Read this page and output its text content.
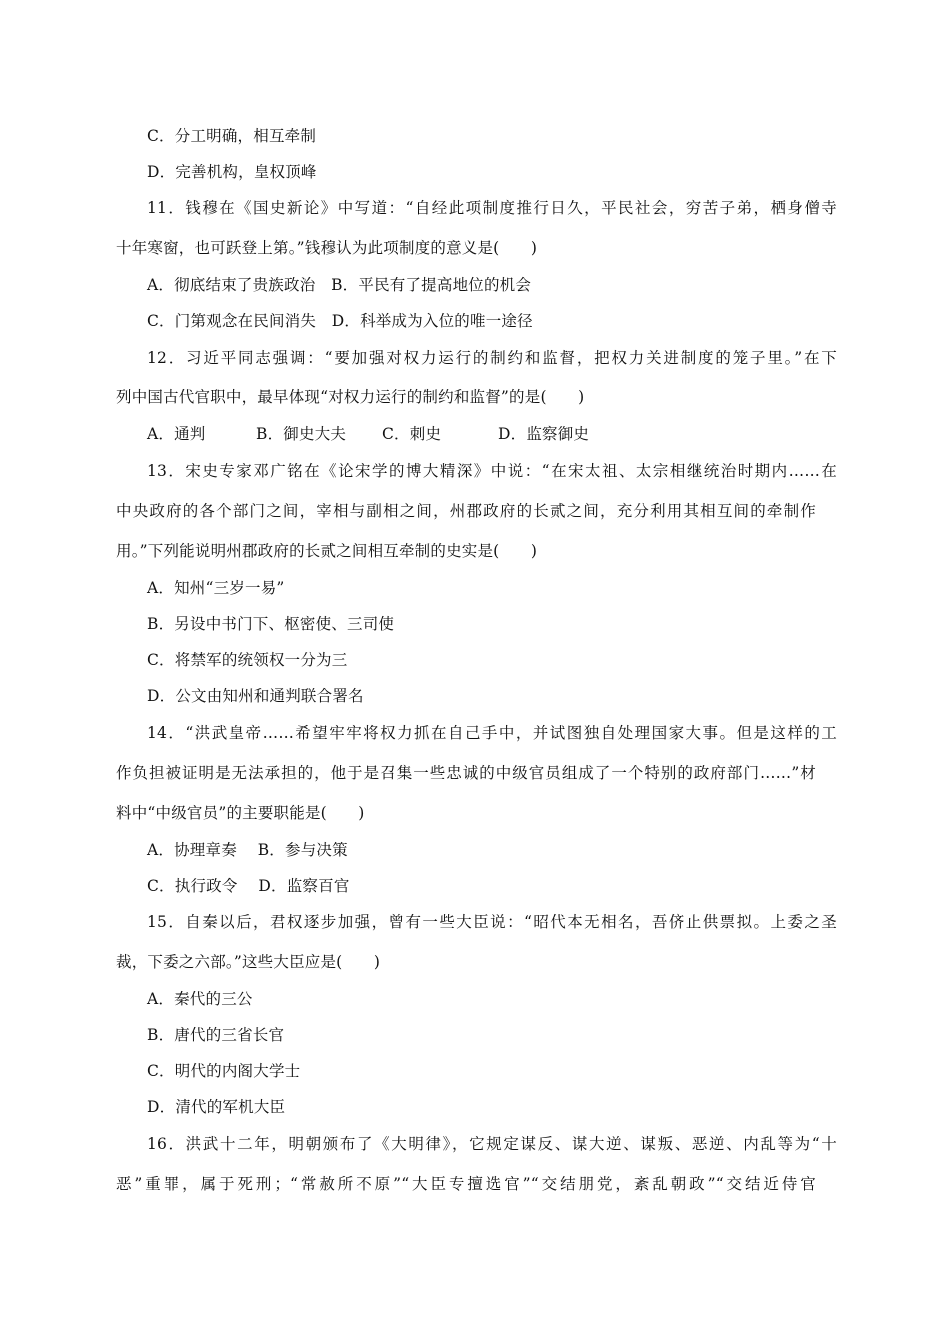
C．分工明确，相互牵制
D．完善机构，皇权顶峰
11．钱穆在《国史新论》中写道：“自经此项制度推行日久，平民社会，穷苦子弟，栖身僧寺
十年寒窗，也可跃登上第。”钱穆认为此项制度的意义是(　　)
A．彻底结束了贵族政治　B．平民有了提高地位的机会
C．门第观念在民间消失　D．科举成为入位的唯一途径
12．习近平同志强调：“要加强对权力运行的制约和监督，把权力关进制度的笼子里。”在下
列中国古代官职中，最早体现“对权力运行的制约和监督”的是(　　)
A．通判	B．御史大夫 C．刺史	D．监察御史
13．宋史专家邓广铭在《论宋学的博大精深》中说：“在宋太祖、太宗相继统治时期内……在
中央政府的各个部门之间，宰相与副相之间，州郡政府的长贰之间，充分利用其相互间的牵制作
用。”下列能说明州郡政府的长贰之间相互牵制的史实是(　　)
A．知州“三岁一易”
B．另设中书门下、枢密使、三司使
C．将禁军的统领权一分为三
D．公文由知州和通判联合署名
14．“洪武皇帝……希望牢牢将权力抓在自己手中，并试图独自处理国家大事。但是这样的工
作负担被证明是无法承担的，他于是召集一些忠诚的中级官员组成了一个特别的政府部门……”材
料中“中级官员”的主要职能是(　　)
A．协理章奏　 B．参与决策
C．执行政令　 D．监察百官
15．自秦以后，君权逐步加强，曾有一些大臣说：“昭代本无相名，吾侪止供票拟。上委之圣
裁，下委之六部。”这些大臣应是(　　)
A．秦代的三公
B．唐代的三省长官
C．明代的内阁大学士
D．清代的军机大臣
16．洪武十二年，明朝颁布了《大明律》，它规定谋反、谋大逆、谋叛、恶逆、内乱等为“十
恶”重罪，属于死刑；“常赦所不原”“大臣专擅选官”“交结朋党，紊乱朝政”“交结近侍官
